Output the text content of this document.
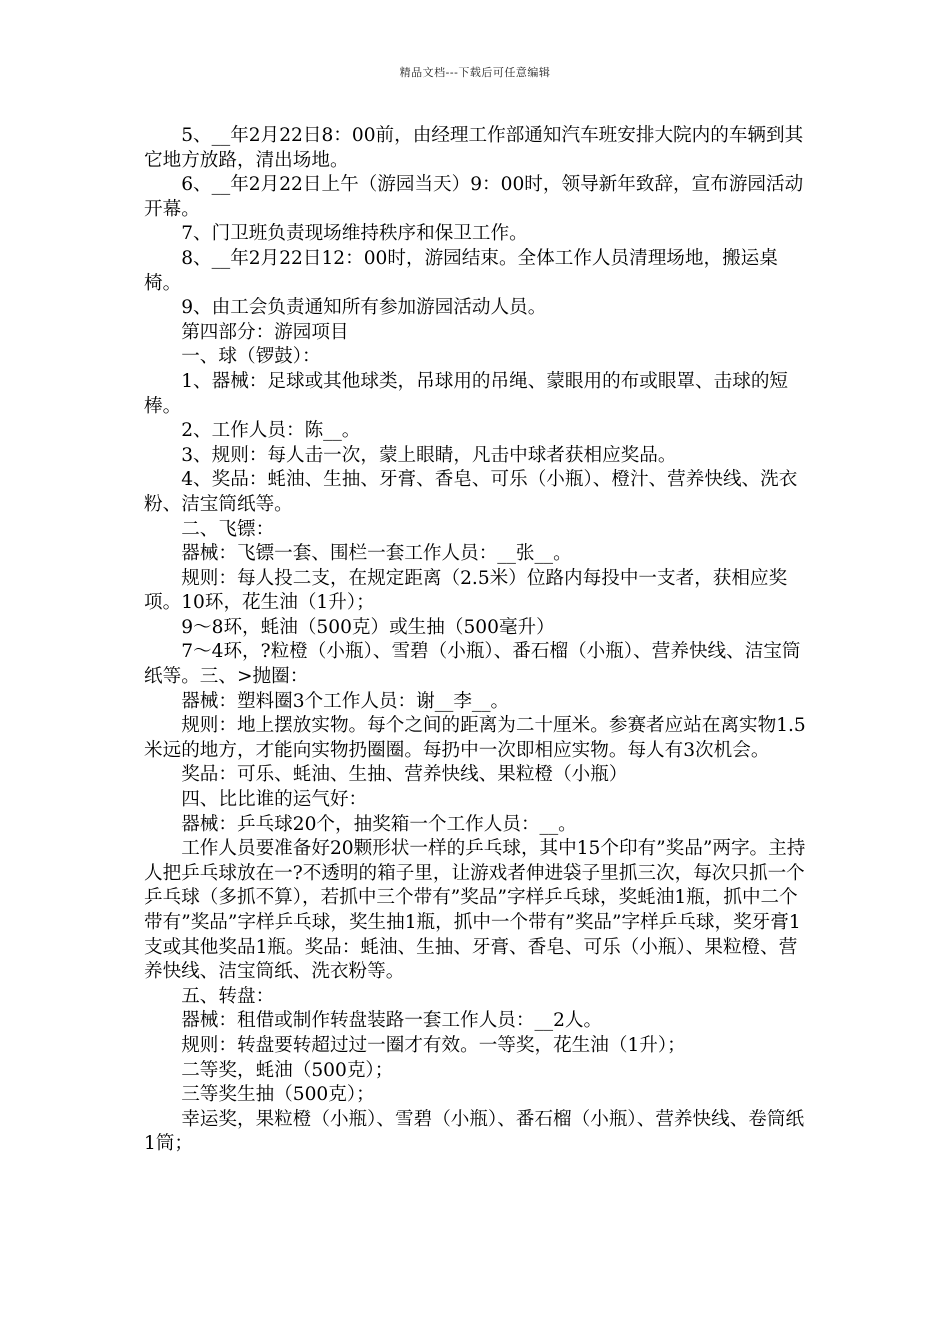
精品文档---下载后可任意编辑

5、__年2月22日8：00前，由经理工作部通知汽车班安排大院内的车辆到其它地方放路，清出场地。

6、__年2月22日上午（游园当天）9：00时，领导新年致辞，宣布游园活动开幕。

7、门卫班负责现场维持秩序和保卫工作。

8、__年2月22日12：00时，游园结束。全体工作人员清理场地，搬运桌椅。

9、由工会负责通知所有参加游园活动人员。

第四部分：游园项目

一、球（锣鼓）：

1、器械：足球或其他球类，吊球用的吊绳、蒙眼用的布或眼罩、击球的短棒。

2、工作人员：陈__。

3、规则：每人击一次，蒙上眼睛，凡击中球者获相应奖品。

4、奖品：蚝油、生抽、牙膏、香皂、可乐（小瓶）、橙汁、营养快线、洗衣粉、洁宝筒纸等。

二、飞镖：

器械：飞镖一套、围栏一套工作人员：__张__。

规则：每人投二支，在规定距离（2.5米）位路内每投中一支者，获相应奖项。10环，花生油（1升）；

9～8环，蚝油（500克）或生抽（500毫升）

7～4环，?粒橙（小瓶）、雪碧（小瓶）、番石榴（小瓶）、营养快线、洁宝筒纸等。三、>抛圈：

器械：塑料圈3个工作人员：谢__李__。

规则：地上摆放实物。每个之间的距离为二十厘米。参赛者应站在离实物1.5米远的地方，才能向实物扔圈圈。每扔中一次即相应实物。每人有3次机会。

奖品：可乐、蚝油、生抽、营养快线、果粒橙（小瓶）

四、比比谁的运气好：

器械：乒乓球20个，抽奖箱一个工作人员：__。

工作人员要准备好20颗形状一样的乒乓球，其中15个印有”奖品”两字。主持人把乒乓球放在一?不透明的箱子里，让游戏者伸进袋子里抓三次，每次只抓一个乒乓球（多抓不算），若抓中三个带有”奖品”字样乒乓球，奖蚝油1瓶，抓中二个带有”奖品”字样乒乓球，奖生抽1瓶，抓中一个带有”奖品”字样乒乓球，奖牙膏1支或其他奖品1瓶。奖品：蚝油、生抽、牙膏、香皂、可乐（小瓶）、果粒橙、营养快线、洁宝筒纸、洗衣粉等。

五、转盘：

器械：租借或制作转盘装路一套工作人员：__2人。

规则：转盘要转超过过一圈才有效。一等奖，花生油（1升）；

二等奖，蚝油（500克）；

三等奖生抽（500克）；

幸运奖，果粒橙（小瓶）、雪碧（小瓶）、番石榴（小瓶）、营养快线、卷筒纸1筒；
